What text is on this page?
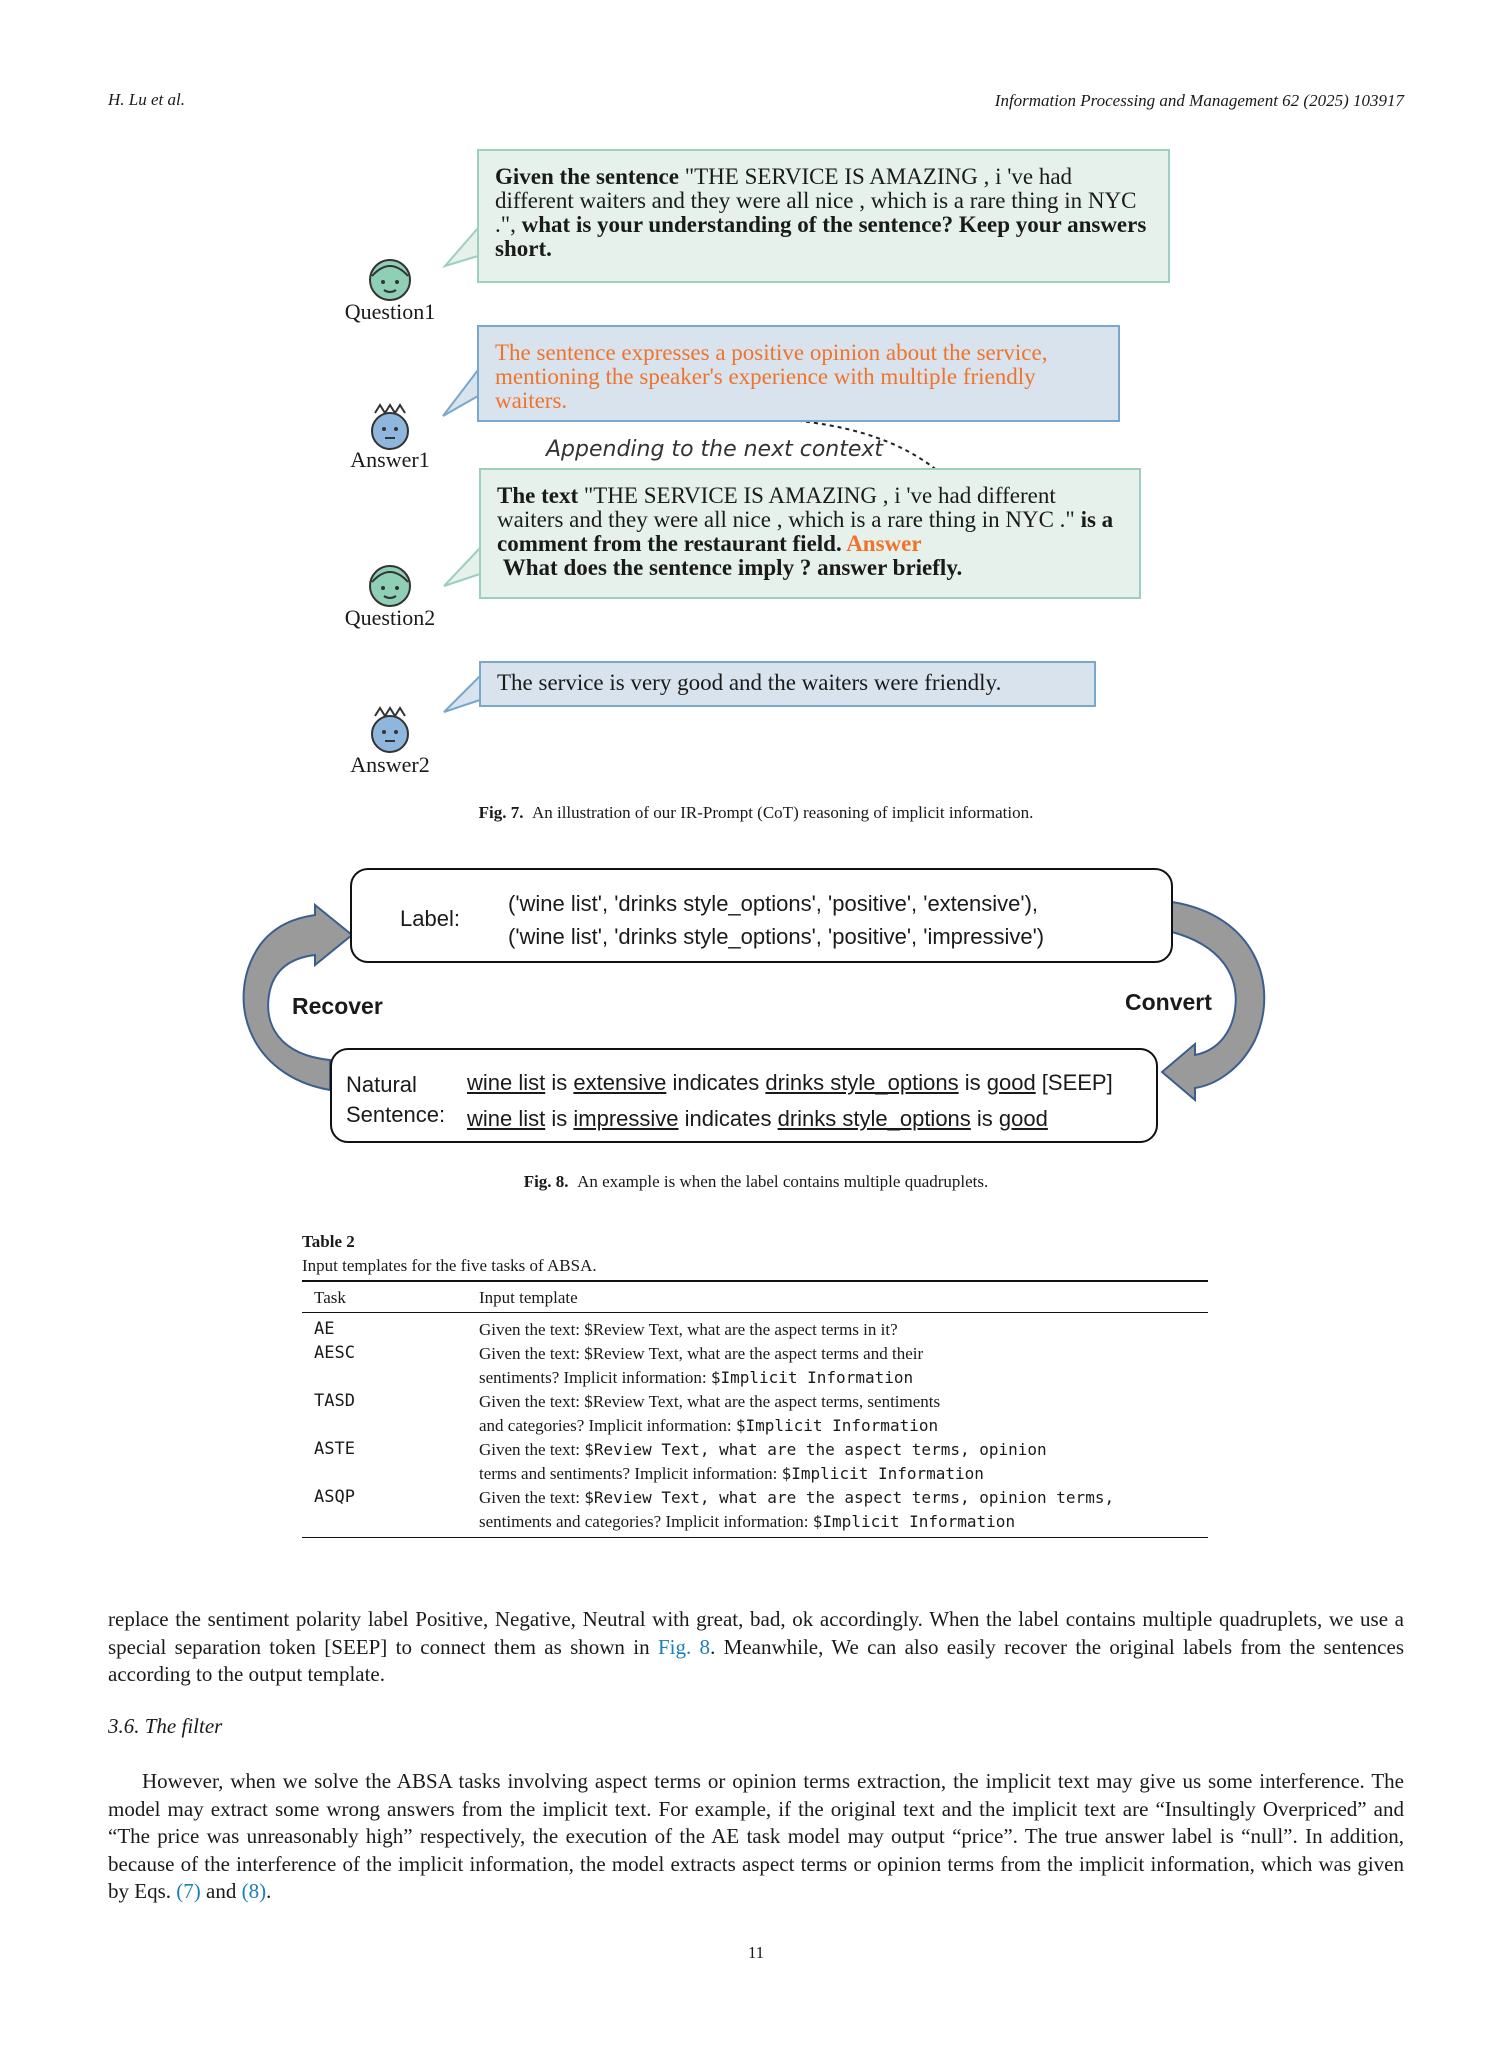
H. Lu et al.	Information Processing and Management 62 (2025) 103917
Given the sentence "THE SERVICE IS AMAZING , i 've had different waiters and they were all nice , which is a rare thing in NYC .", what is your understanding of the sentence? Keep your answers short.
The sentence expresses a positive opinion about the service, mentioning the speaker's experience with multiple friendly waiters.
Appending to the next context
The text "THE SERVICE IS AMAZING , i 've had different waiters and they were all nice , which is a rare thing in NYC ." is a comment from the restaurant field. Answer
What does the sentence imply ? answer briefly.
The service is very good and the waiters were friendly.
Question1
Answer1
Question2
Answer2
Fig. 7. An illustration of our IR-Prompt (CoT) reasoning of implicit information.
Label:
('wine list', 'drinks style_options', 'positive', 'extensive'),
('wine list', 'drinks style_options', 'positive', 'impressive')
Recover	Convert
Natural
Sentence:
wine list is extensive indicates drinks style_options is good [SEEP]
wine list is impressive indicates drinks style_options is good
Fig. 8. An example is when the label contains multiple quadruplets.
Table 2
Input templates for the five tasks of ABSA.
Task	Input template
AE	Given the text: $Review Text, what are the aspect terms in it?
AESC	Given the text: $Review Text, what are the aspect terms and their
sentiments? Implicit information: $Implicit Information
TASD	Given the text: $Review Text, what are the aspect terms, sentiments
and categories? Implicit information: $Implicit Information
ASTE	Given the text: $Review Text, what are the aspect terms, opinion
terms and sentiments? Implicit information: $Implicit Information
ASQP	Given the text: $Review Text, what are the aspect terms, opinion terms,
sentiments and categories? Implicit information: $Implicit Information
replace the sentiment polarity label Positive, Negative, Neutral with great, bad, ok accordingly. When the label contains multiple quadruplets, we use a special separation token [SEEP] to connect them as shown in Fig. 8. Meanwhile, We can also easily recover the original labels from the sentences according to the output template.
3.6. The filter
However, when we solve the ABSA tasks involving aspect terms or opinion terms extraction, the implicit text may give us some interference. The model may extract some wrong answers from the implicit text. For example, if the original text and the implicit text are “Insultingly Overpriced” and “The price was unreasonably high” respectively, the execution of the AE task model may output “price”. The true answer label is “null”. In addition, because of the interference of the implicit information, the model extracts aspect terms or opinion terms from the implicit information, which was given by Eqs. (7) and (8).
11
